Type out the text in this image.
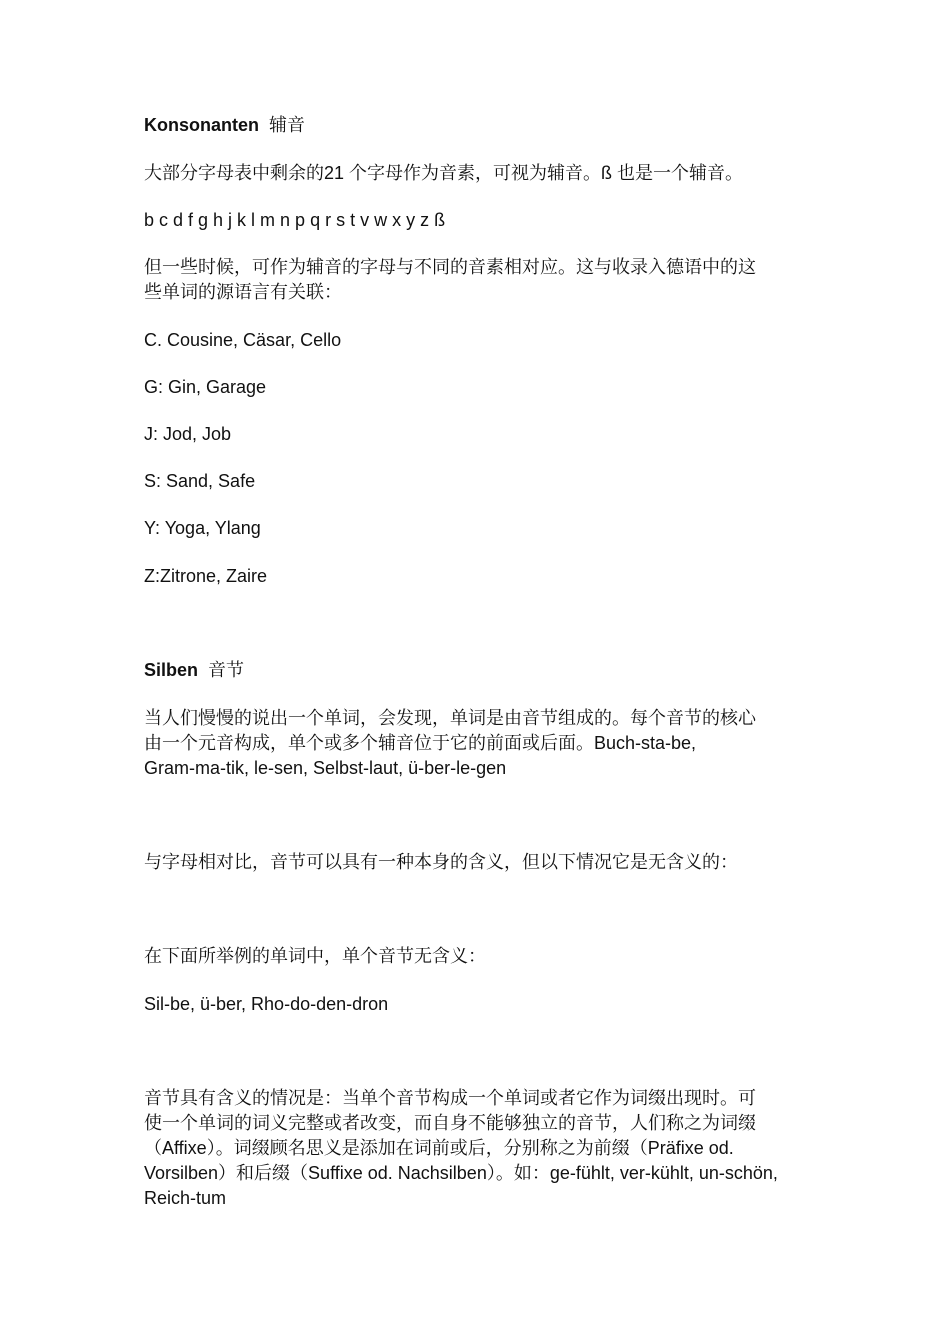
Konsonanten 辅音
大部分字母表中剩余的21 个字母作为音素，可视为辅音。ß 也是一个辅音。
b c d f g h j k l m n p q r s t v w x y z ß
但一些时候，可作为辅音的字母与不同的音素相对应。这与收录入德语中的这
些单词的源语言有关联：
C. Cousine, Cäsar, Cello
G: Gin, Garage
J: Jod, Job
S: Sand, Safe
Y: Yoga, Ylang
Z:Zitrone, Zaire
Silben 音节
当人们慢慢的说出一个单词，会发现，单词是由音节组成的。每个音节的核心
由一个元音构成，单个或多个辅音位于它的前面或后面。Buch-sta-be,
Gram-ma-tik, le-sen, Selbst-laut, ü-ber-le-gen
与字母相对比，音节可以具有一种本身的含义，但以下情况它是无含义的：
在下面所举例的单词中，单个音节无含义：
Sil-be, ü-ber, Rho-do-den-dron
音节具有含义的情况是：当单个音节构成一个单词或者它作为词缀出现时。可
使一个单词的词义完整或者改变，而自身不能够独立的音节，人们称之为词缀
（Affixe）。词缀顾名思义是添加在词前或后，分别称之为前缀（Präfixe od.
Vorsilben）和后缀（Suffixe od. Nachsilben）。如：ge-fühlt, ver-kühlt, un-schön,
Reich-tum
